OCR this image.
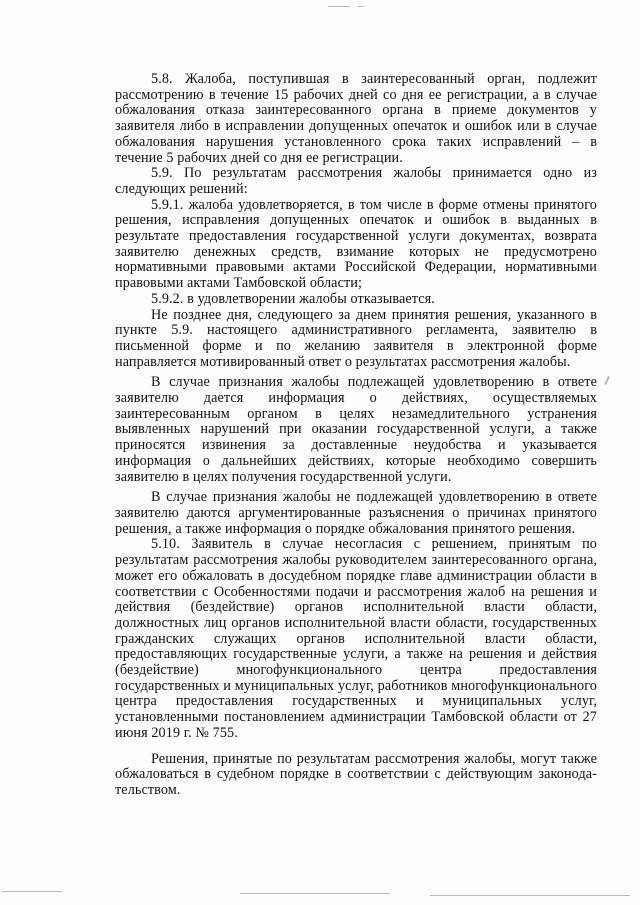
5.8. Жалоба, поступившая в заинтересованный орган, подлежит рассмотрению в течение 15 рабочих дней со дня ее регистрации, а в случае обжалования отказа заинтересованного органа в приеме документов у заявителя либо в исправлении допущенных опечаток и ошибок или в случае обжалования нарушения установленного срока таких исправлений – в течение 5 рабочих дней со дня ее регистрации.

5.9. По результатам рассмотрения жалобы принимается одно из следующих решений:

5.9.1. жалоба удовлетворяется, в том числе в форме отмены принятого решения, исправления допущенных опечаток и ошибок в выданных в результате предоставления государственной услуги документах, возврата заявителю денежных средств, взимание которых не предусмотрено нормативными правовыми актами Российской Федерации, нормативными правовыми актами Тамбовской области;

5.9.2. в удовлетворении жалобы отказывается.

Не позднее дня, следующего за днем принятия решения, указанного в пункте 5.9. настоящего административного регламента, заявителю в письменной форме и по желанию заявителя в электронной форме направляется мотивированный ответ о результатах рассмотрения жалобы.

В случае признания жалобы подлежащей удовлетворению в ответе заявителю дается информация о действиях, осуществляемых заинтересованным органом в целях незамедлительного устранения выявленных нарушений при оказании государственной услуги, а также приносятся извинения за доставленные неудобства и указывается информация о дальнейших действиях, которые необходимо совершить заявителю в целях получения государственной услуги.

В случае признания жалобы не подлежащей удовлетворению в ответе заявителю даются аргументированные разъяснения о причинах принятого решения, а также информация о порядке обжалования принятого решения.

5.10. Заявитель в случае несогласия с решением, принятым по результатам рассмотрения жалобы руководителем заинтересованного органа, может его обжаловать в досудебном порядке главе администрации области в соответствии с Особенностями подачи и рассмотрения жалоб на решения и действия (бездействие) органов исполнительной власти области, должностных лиц органов исполнительной власти области, государственных гражданских служащих органов исполнительной власти области, предоставляющих государственные услуги, а также на решения и действия (бездействие) многофункционального центра предоставления государственных и муниципальных услуг, работников многофункционального центра предоставления государственных и муниципальных услуг, установленными постановлением администрации Тамбовской области от 27 июня 2019 г. № 755.

Решения, принятые по результатам рассмотрения жалобы, могут также обжаловаться в судебном порядке в соответствии с действующим законода-тельством.
